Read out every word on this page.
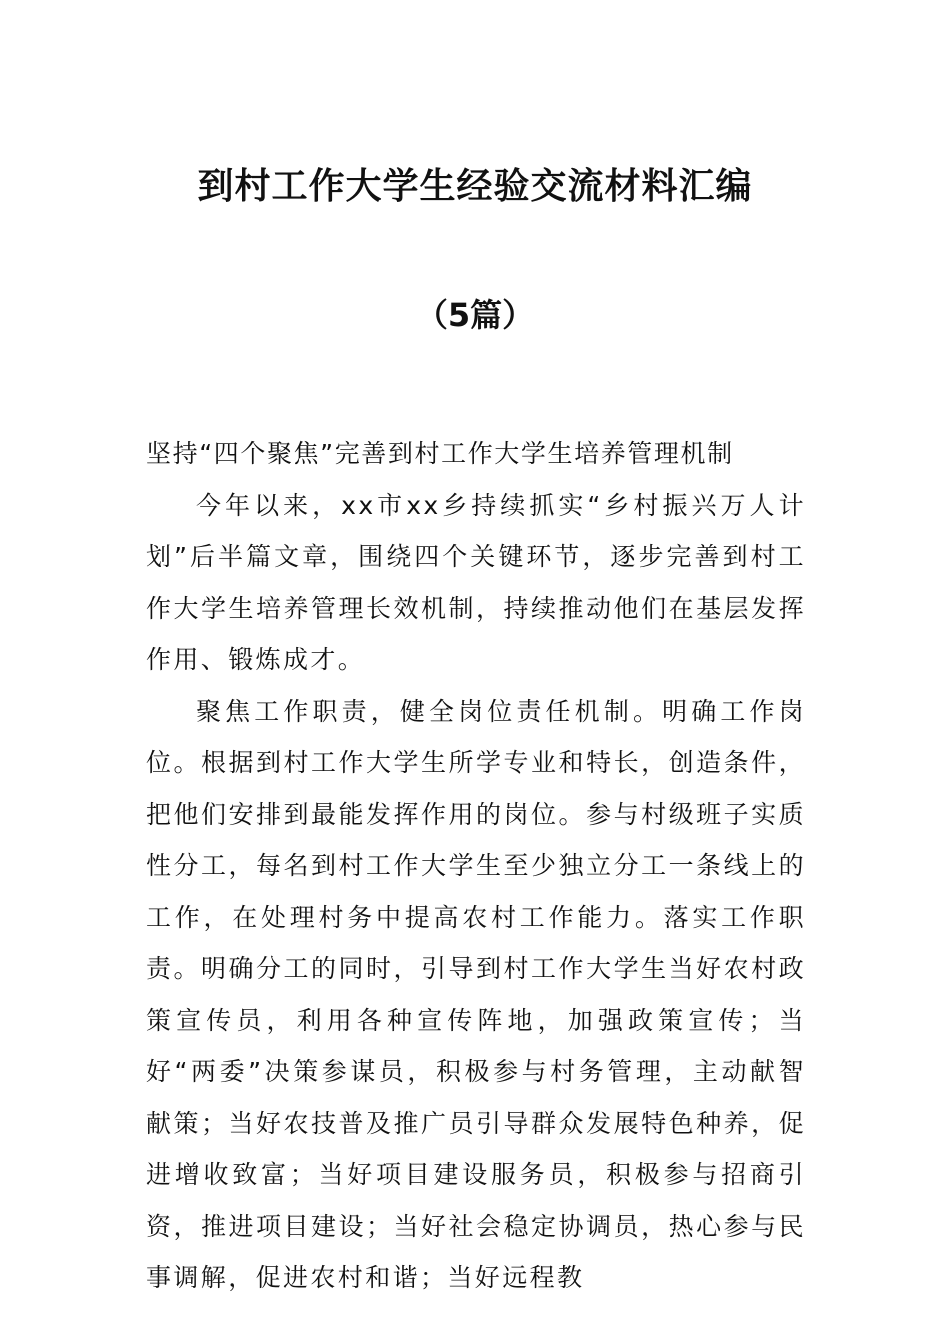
到村工作大学生经验交流材料汇编
（5篇）

坚持“四个聚焦”完善到村工作大学生培养管理机制

今年以来，xx市xx乡持续抓实“乡村振兴万人计划”后半篇文章，围绕四个关键环节，逐步完善到村工作大学生培养管理长效机制，持续推动他们在基层发挥作用、锻炼成才。

聚焦工作职责，健全岗位责任机制。明确工作岗位。根据到村工作大学生所学专业和特长，创造条件，把他们安排到最能发挥作用的岗位。参与村级班子实质性分工，每名到村工作大学生至少独立分工一条线上的工作，在处理村务中提高农村工作能力。落实工作职责。明确分工的同时，引导到村工作大学生当好农村政策宣传员，利用各种宣传阵地，加强政策宣传；当好“两委”决策参谋员，积极参与村务管理，主动献智献策；当好农技普及推广员引导群众发展特色种养，促进增收致富；当好项目建设服务员，积极参与招商引资，推进项目建设；当好社会稳定协调员，热心参与民事调解，促进农村和谐；当好远程教
